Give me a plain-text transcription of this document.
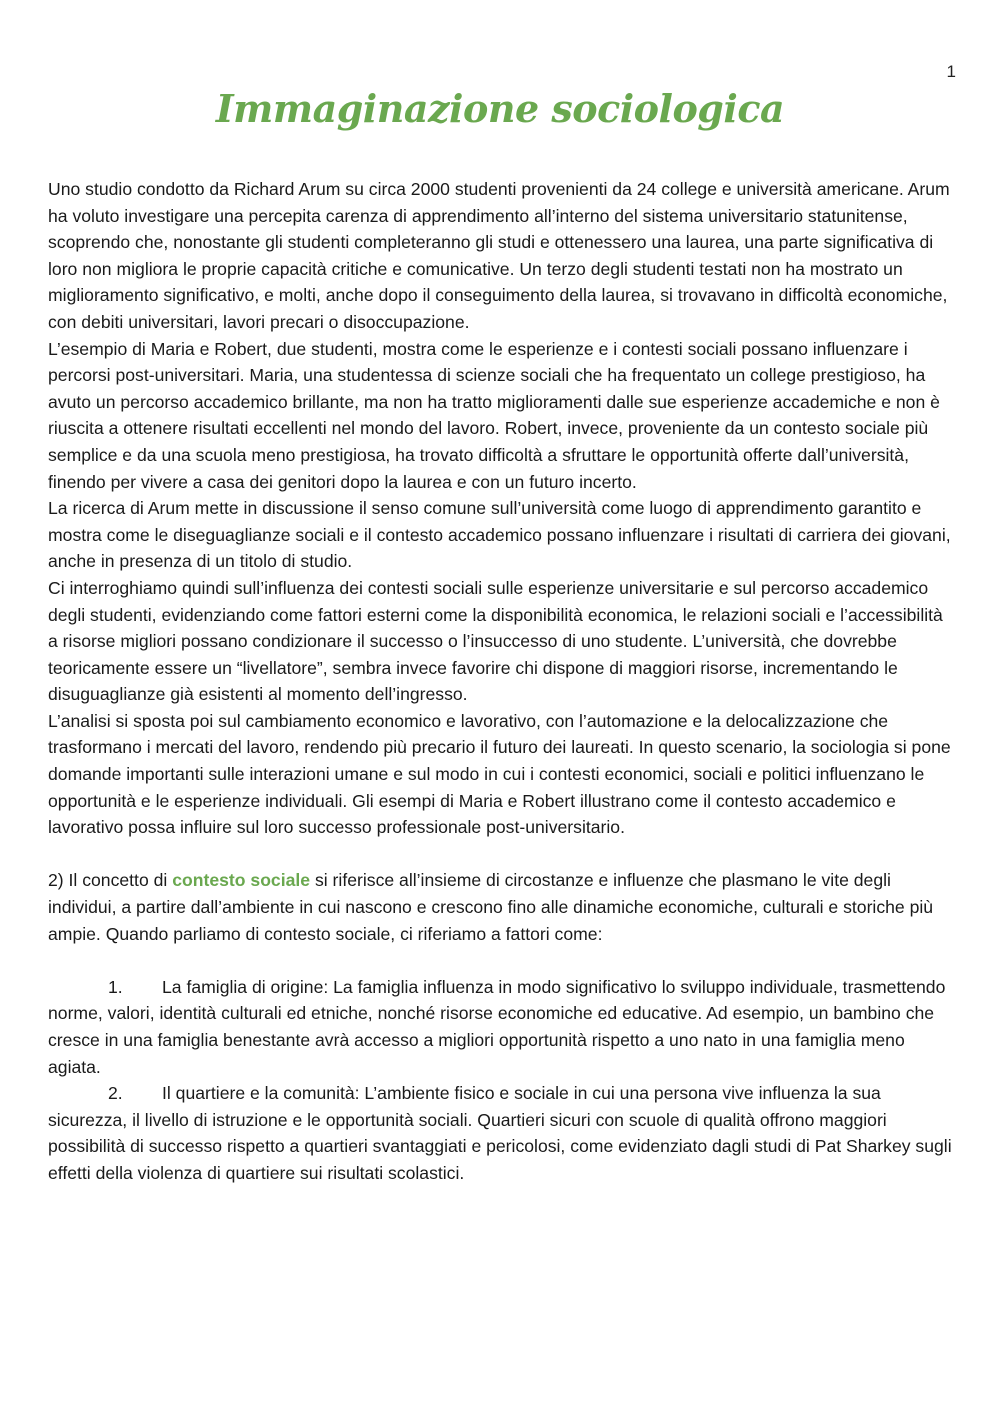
1
Immaginazione sociologica

Uno studio condotto da Richard Arum su circa 2000 studenti provenienti da 24 college e università americane. Arum ha voluto investigare una percepita carenza di apprendimento all’interno del sistema universitario statunitense, scoprendo che, nonostante gli studenti completeranno gli studi e ottenessero una laurea, una parte significativa di loro non migliora le proprie capacità critiche e comunicative. Un terzo degli studenti testati non ha mostrato un miglioramento significativo, e molti, anche dopo il conseguimento della laurea, si trovavano in difficoltà economiche, con debiti universitari, lavori precari o disoccupazione.

L’esempio di Maria e Robert, due studenti, mostra come le esperienze e i contesti sociali possano influenzare i percorsi post-universitari. Maria, una studentessa di scienze sociali che ha frequentato un college prestigioso, ha avuto un percorso accademico brillante, ma non ha tratto miglioramenti dalle sue esperienze accademiche e non è riuscita a ottenere risultati eccellenti nel mondo del lavoro. Robert, invece, proveniente da un contesto sociale più semplice e da una scuola meno prestigiosa, ha trovato difficoltà a sfruttare le opportunità offerte dall’università, finendo per vivere a casa dei genitori dopo la laurea e con un futuro incerto.

La ricerca di Arum mette in discussione il senso comune sull’università come luogo di apprendimento garantito e mostra come le diseguaglianze sociali e il contesto accademico possano influenzare i risultati di carriera dei giovani, anche in presenza di un titolo di studio.

Ci interroghiamo quindi sull’influenza dei contesti sociali sulle esperienze universitarie e sul percorso accademico degli studenti, evidenziando come fattori esterni come la disponibilità economica, le relazioni sociali e l’accessibilità a risorse migliori possano condizionare il successo o l’insuccesso di uno studente. L’università, che dovrebbe teoricamente essere un “livellatore”, sembra invece favorire chi dispone di maggiori risorse, incrementando le disuguaglianze già esistenti al momento dell’ingresso.

L’analisi si sposta poi sul cambiamento economico e lavorativo, con l’automazione e la delocalizzazione che trasformano i mercati del lavoro, rendendo più precario il futuro dei laureati. In questo scenario, la sociologia si pone domande importanti sulle interazioni umane e sul modo in cui i contesti economici, sociali e politici influenzano le opportunità e le esperienze individuali. Gli esempi di Maria e Robert illustrano come il contesto accademico e lavorativo possa influire sul loro successo professionale post-universitario.

2) Il concetto di contesto sociale si riferisce all’insieme di circostanze e influenze che plasmano le vite degli individui, a partire dall’ambiente in cui nascono e crescono fino alle dinamiche economiche, culturali e storiche più ampie. Quando parliamo di contesto sociale, ci riferiamo a fattori come:

1. La famiglia di origine: La famiglia influenza in modo significativo lo sviluppo individuale, trasmettendo norme, valori, identità culturali ed etniche, nonché risorse economiche ed educative. Ad esempio, un bambino che cresce in una famiglia benestante avrà accesso a migliori opportunità rispetto a uno nato in una famiglia meno agiata.

2. Il quartiere e la comunità: L’ambiente fisico e sociale in cui una persona vive influenza la sua sicurezza, il livello di istruzione e le opportunità sociali. Quartieri sicuri con scuole di qualità offrono maggiori possibilità di successo rispetto a quartieri svantaggiati e pericolosi, come evidenziato dagli studi di Pat Sharkey sugli effetti della violenza di quartiere sui risultati scolastici.
